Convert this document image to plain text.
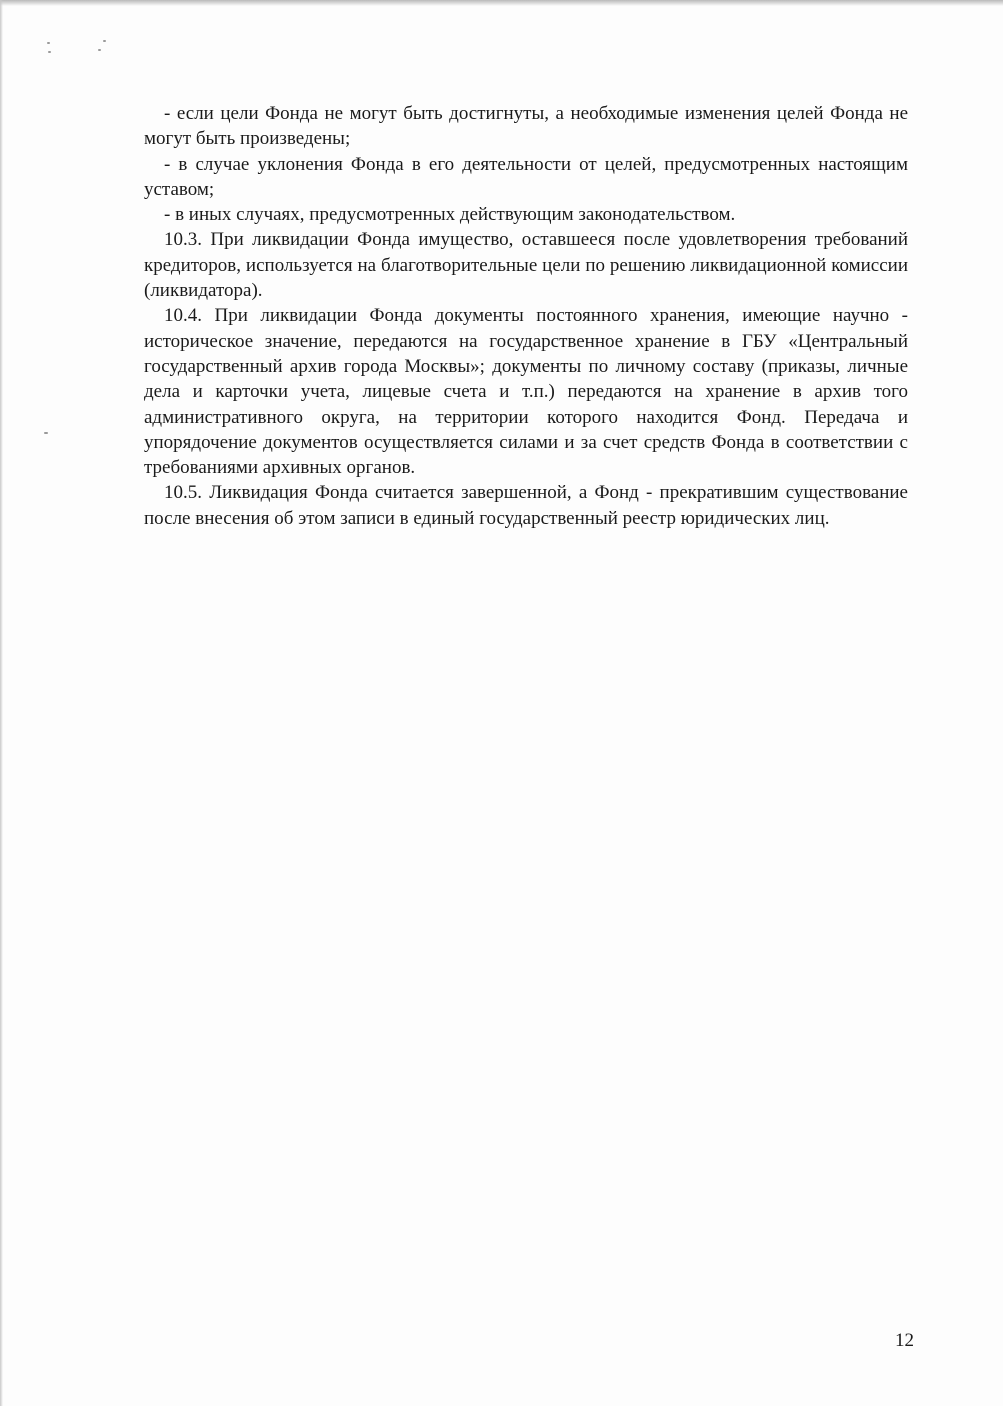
- если цели Фонда не могут быть достигнуты, а необходимые изменения целей Фонда не могут быть произведены;

- в случае уклонения Фонда в его деятельности от целей, предусмотренных настоящим уставом;

- в иных случаях, предусмотренных действующим законодательством.

10.3. При ликвидации Фонда имущество, оставшееся после удовлетворения требований кредиторов, используется на благотворительные цели по решению ликвидационной комиссии (ликвидатора).

10.4. При ликвидации Фонда документы постоянного хранения, имеющие научно - историческое значение, передаются на государственное хранение в ГБУ «Центральный государственный архив города Москвы»; документы по личному составу (приказы, личные дела и карточки учета, лицевые счета и т.п.) передаются на хранение в архив того административного округа, на территории которого находится Фонд. Передача и упорядочение документов осуществляется силами и за счет средств Фонда в соответствии с требованиями архивных органов.

10.5. Ликвидация Фонда считается завершенной, а Фонд - прекратившим существование после внесения об этом записи в единый государственный реестр юридических лиц.

12
